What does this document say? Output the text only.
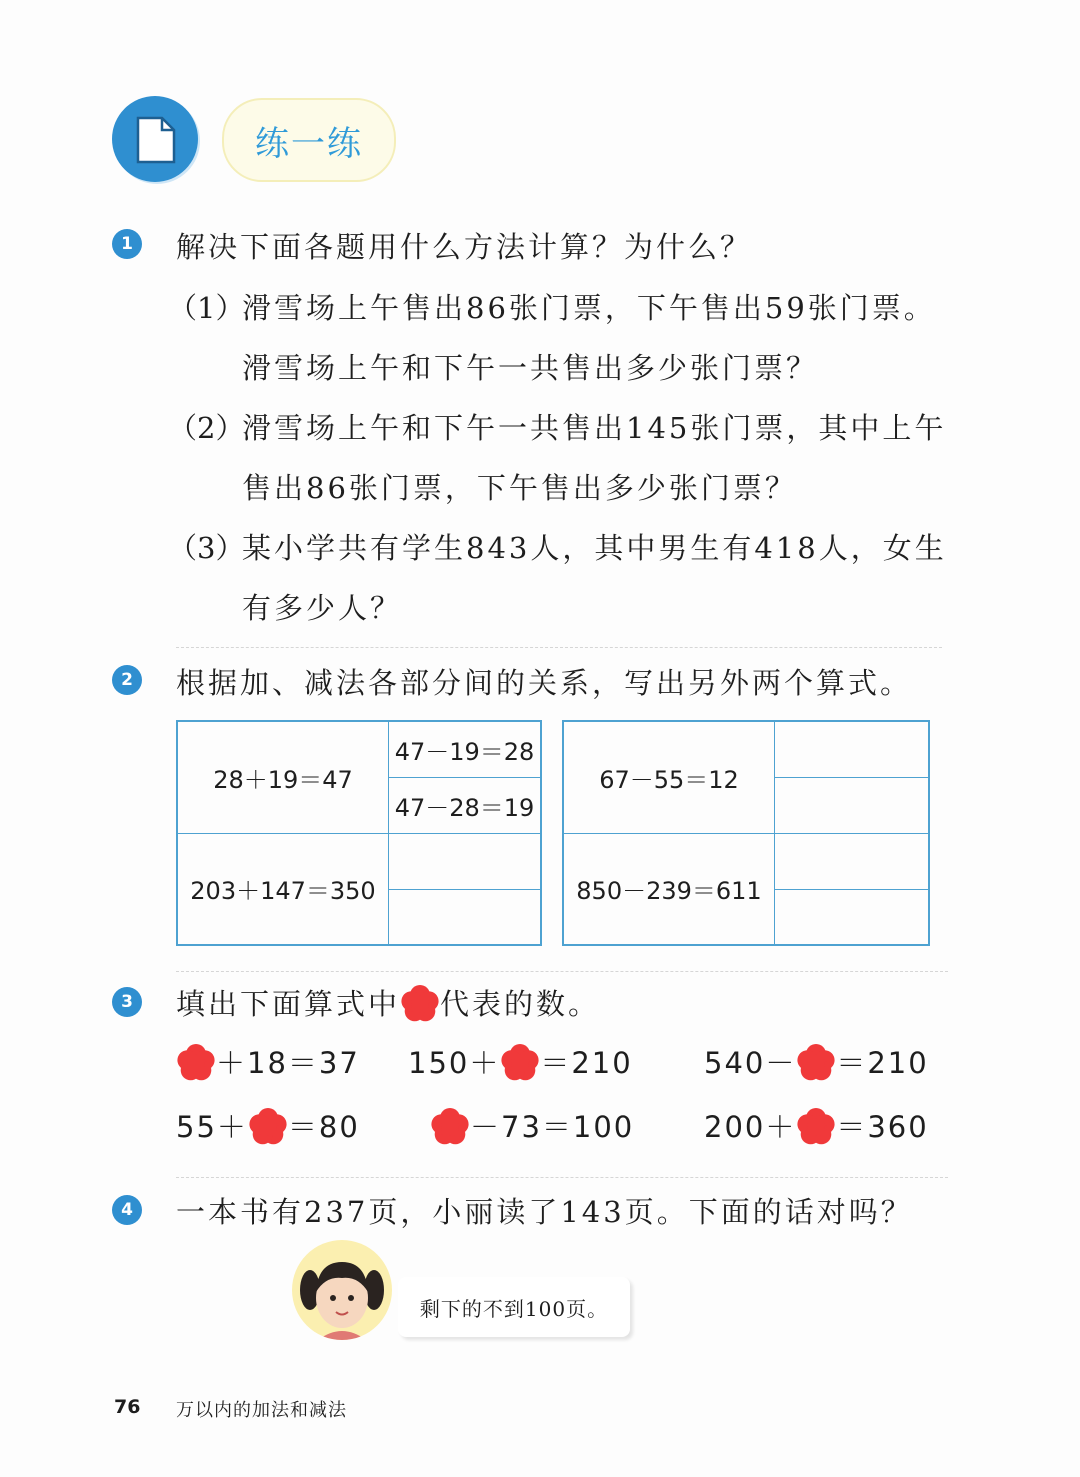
练一练
1	解决下面各题用什么方法计算？为什么？
（1）
滑雪场上午售出86张门票，下午售出59张门票。
滑雪场上午和下午一共售出多少张门票？
（2）
滑雪场上午和下午一共售出145张门票，其中上午
售出86张门票，下午售出多少张门票？
（3）
某小学共有学生843人，其中男生有418人，女生
有多少人？
2	根据加、减法各部分间的关系，写出另外两个算式。
28＋19＝47	47－19＝28
	47－28＝19
203＋147＝350	

67－55＝12	

850－239＝611	

3	填出下面算式中 代表的数。
＋18＝37 150＋ ＝210 540－ ＝210
55＋ ＝80	－73＝100 200＋ ＝360
4	一本书有237页，小丽读了143页。下面的话对吗？
剩下的不到100页。
76 万以内的加法和减法
